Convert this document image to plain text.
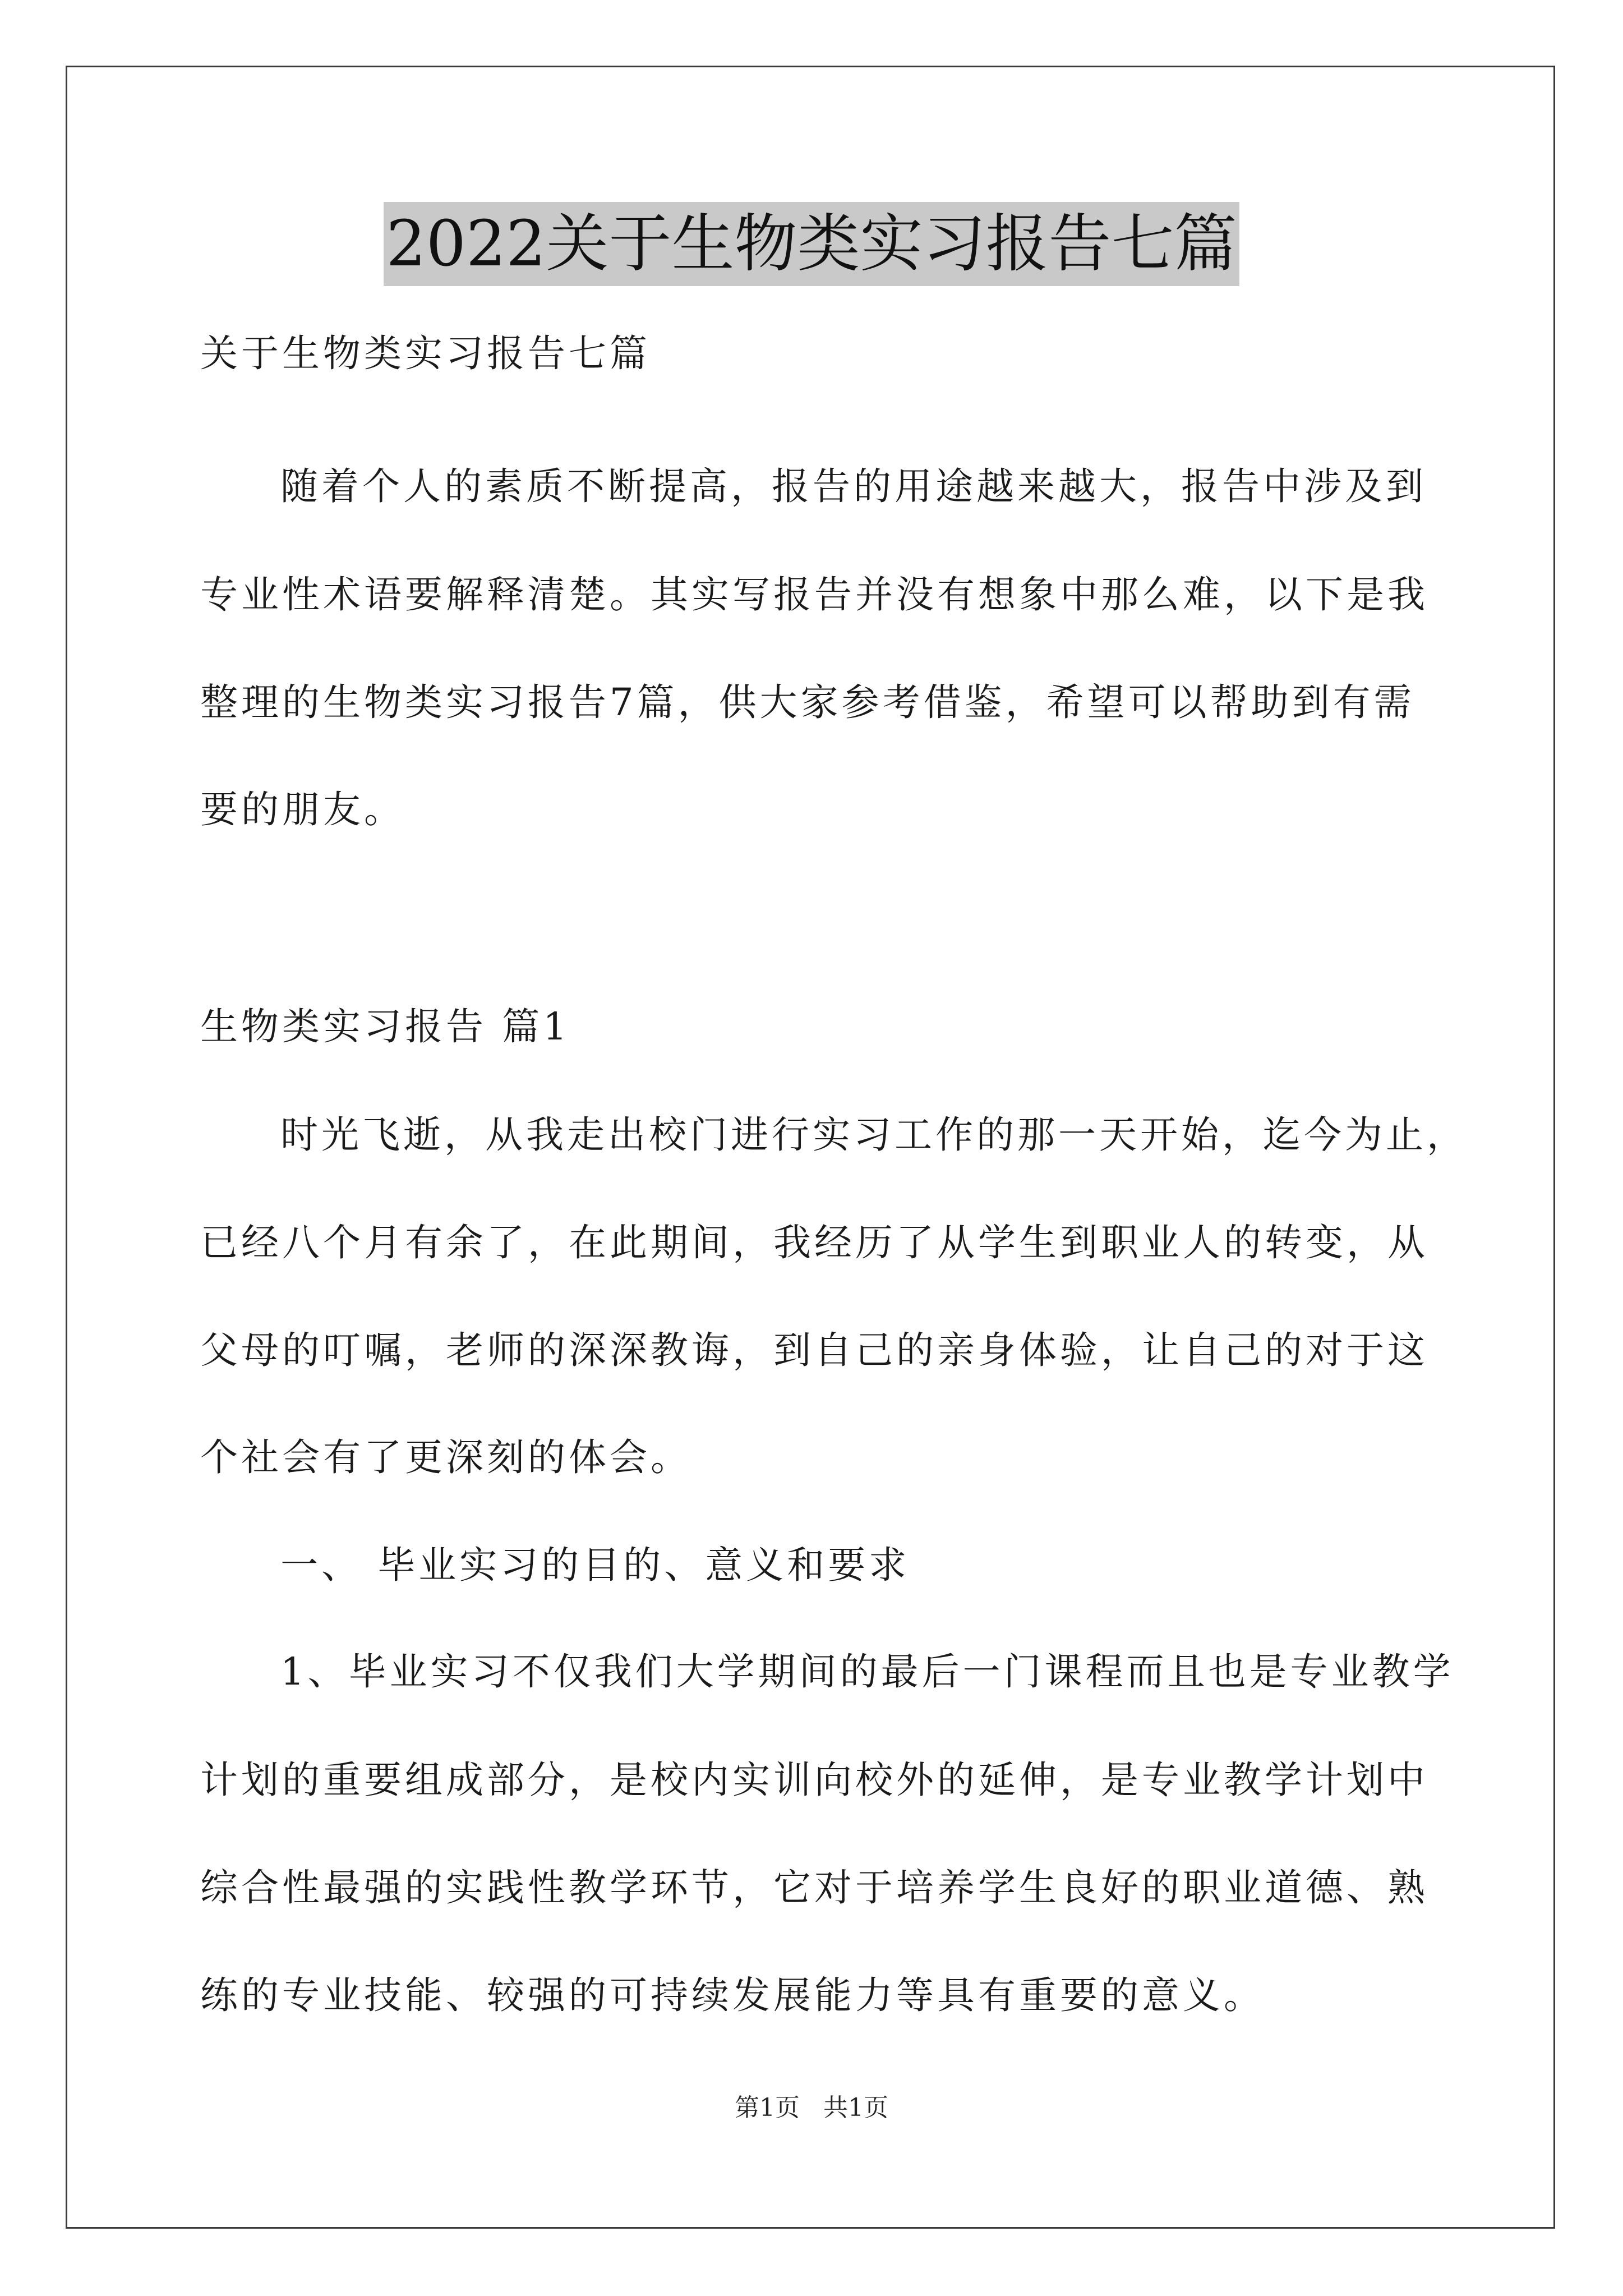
2022关于生物类实习报告七篇
关于生物类实习报告七篇
随着个人的素质不断提高，报告的用途越来越大，报告中涉及到
专业性术语要解释清楚。其实写报告并没有想象中那么难，以下是我
整理的生物类实习报告7篇，供大家参考借鉴，希望可以帮助到有需
要的朋友。
生物类实习报告 篇1
时光飞逝，从我走出校门进行实习工作的那一天开始，迄今为止，
已经八个月有余了，在此期间，我经历了从学生到职业人的转变，从
父母的叮嘱，老师的深深教诲，到自己的亲身体验，让自己的对于这
个社会有了更深刻的体会。
一、 毕业实习的目的、意义和要求
1、毕业实习不仅我们大学期间的最后一门课程而且也是专业教学
计划的重要组成部分，是校内实训向校外的延伸，是专业教学计划中
综合性最强的实践性教学环节，它对于培养学生良好的职业道德、熟
练的专业技能、较强的可持续发展能力等具有重要的意义。
第1页 共1页
